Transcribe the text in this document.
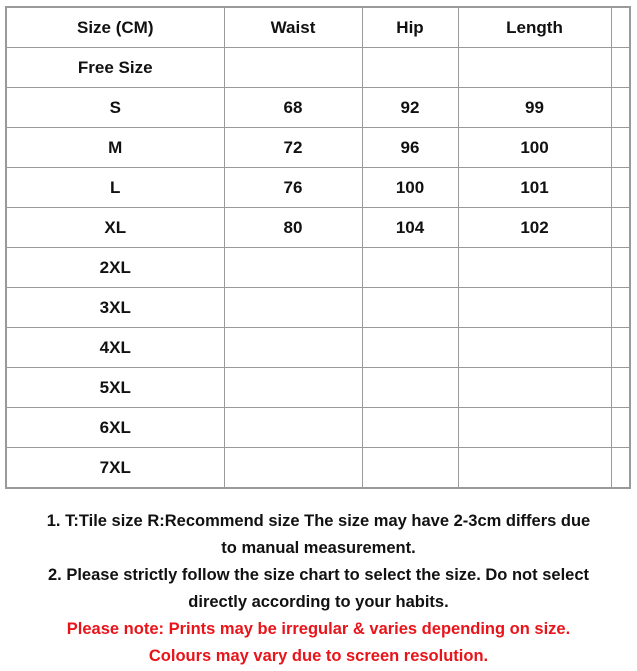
Size (CM)	Waist	Hip	Length	
Free Size				
S	68	92	99	
M	72	96	100	
L	76	100	101	
XL	80	104	102	
2XL				
3XL				
4XL				
5XL				
6XL				
7XL				

1. T:Tile size R:Recommend size The size may have 2-3cm differs due

to manual measurement.

2. Please strictly follow the size chart to select the size. Do not select

directly according to your habits.

Please note: Prints may be irregular & varies depending on size.

Colours may vary due to screen resolution.
